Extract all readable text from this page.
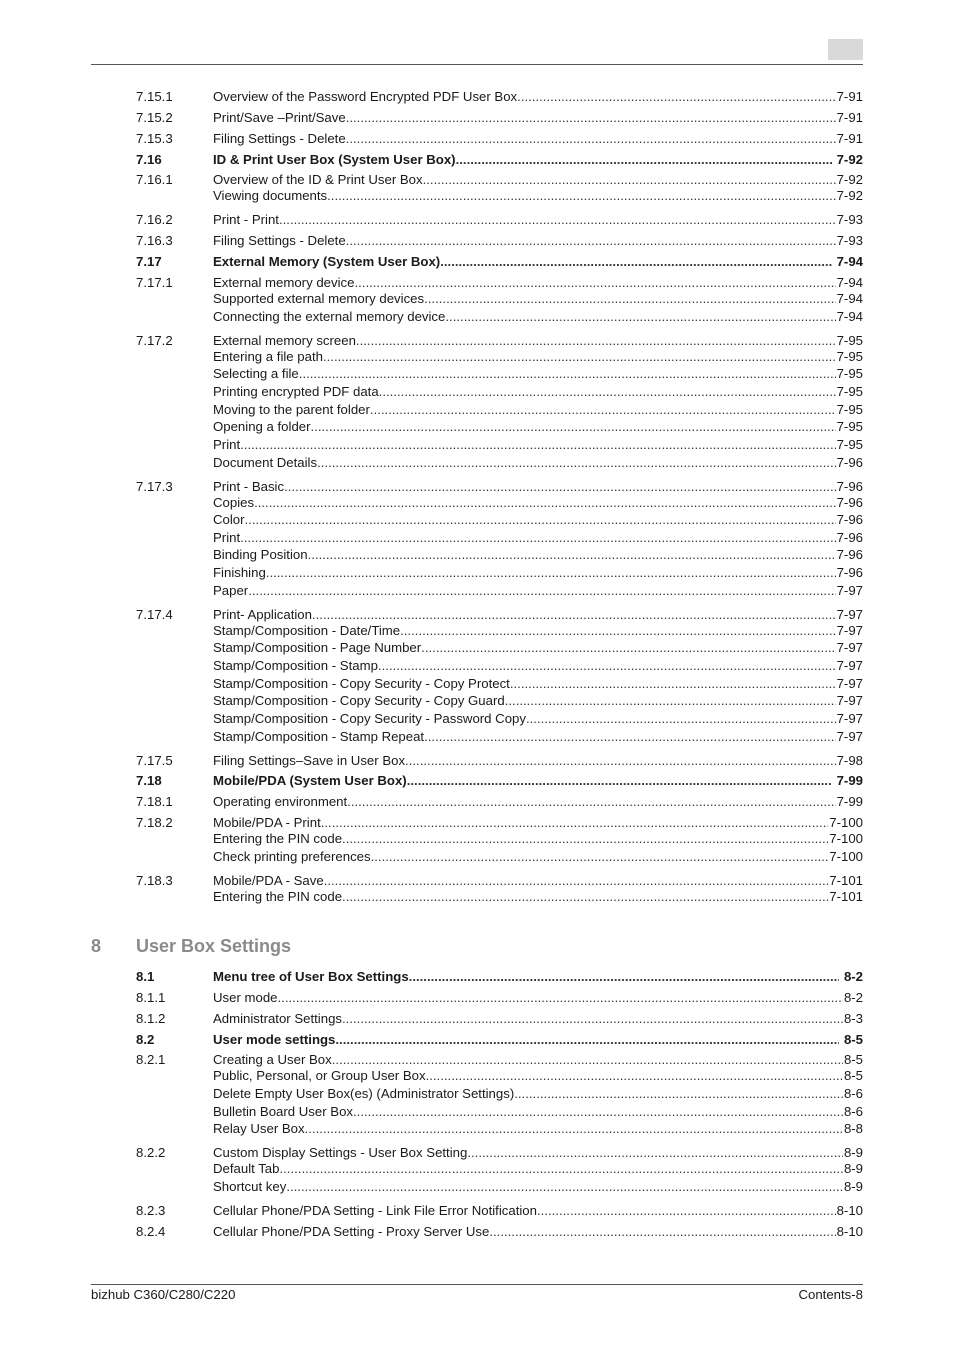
7.15.1	Overview of the Password Encrypted PDF User Box .....	7-91
7.15.2	Print/Save –Print/Save .....	7-91
7.15.3	Filing Settings - Delete .....	7-91
7.16	ID & Print User Box (System User Box) .....	7-92
7.16.1	Overview of the ID & Print User Box .....	7-92
Viewing documents .....	7-92
7.16.2	Print - Print .....	7-93
7.16.3	Filing Settings - Delete .....	7-93
7.17	External Memory (System User Box) .....	7-94
7.17.1	External memory device .....	7-94
Supported external memory devices .....	7-94
Connecting the external memory device .....	7-94
7.17.2	External memory screen .....	7-95
Entering a file path .....	7-95
Selecting a file .....	7-95
Printing encrypted PDF data .....	7-95
Moving to the parent folder .....	7-95
Opening a folder .....	7-95
Print .....	7-95
Document Details .....	7-96
7.17.3	Print - Basic .....	7-96
Copies .....	7-96
Color .....	7-96
Print .....	7-96
Binding Position .....	7-96
Finishing .....	7-96
Paper .....	7-97
7.17.4	Print- Application .....	7-97
Stamp/Composition - Date/Time .....	7-97
Stamp/Composition - Page Number .....	7-97
Stamp/Composition - Stamp .....	7-97
Stamp/Composition - Copy Security - Copy Protect .....	7-97
Stamp/Composition - Copy Security - Copy Guard .....	7-97
Stamp/Composition - Copy Security - Password Copy .....	7-97
Stamp/Composition - Stamp Repeat .....	7-97
7.17.5	Filing Settings–Save in User Box .....	7-98
7.18	Mobile/PDA (System User Box) .....	7-99
7.18.1	Operating environment .....	7-99
7.18.2	Mobile/PDA - Print .....	7-100
Entering the PIN code .....	7-100
Check printing preferences .....	7-100
7.18.3	Mobile/PDA - Save .....	7-101
Entering the PIN code .....	7-101
8 User Box Settings
8.1	Menu tree of User Box Settings .....	8-2
8.1.1	User mode .....	8-2
8.1.2	Administrator Settings .....	8-3
8.2	User mode settings .....	8-5
8.2.1	Creating a User Box .....	8-5
Public, Personal, or Group User Box .....	8-5
Delete Empty User Box(es) (Administrator Settings) .....	8-6
Bulletin Board User Box .....	8-6
Relay User Box .....	8-8
8.2.2	Custom Display Settings - User Box Setting .....	8-9
Default Tab .....	8-9
Shortcut key .....	8-9
8.2.3	Cellular Phone/PDA Setting - Link File Error Notification .....	8-10
8.2.4	Cellular Phone/PDA Setting - Proxy Server Use .....	8-10
bizhub C360/C280/C220	Contents-8
